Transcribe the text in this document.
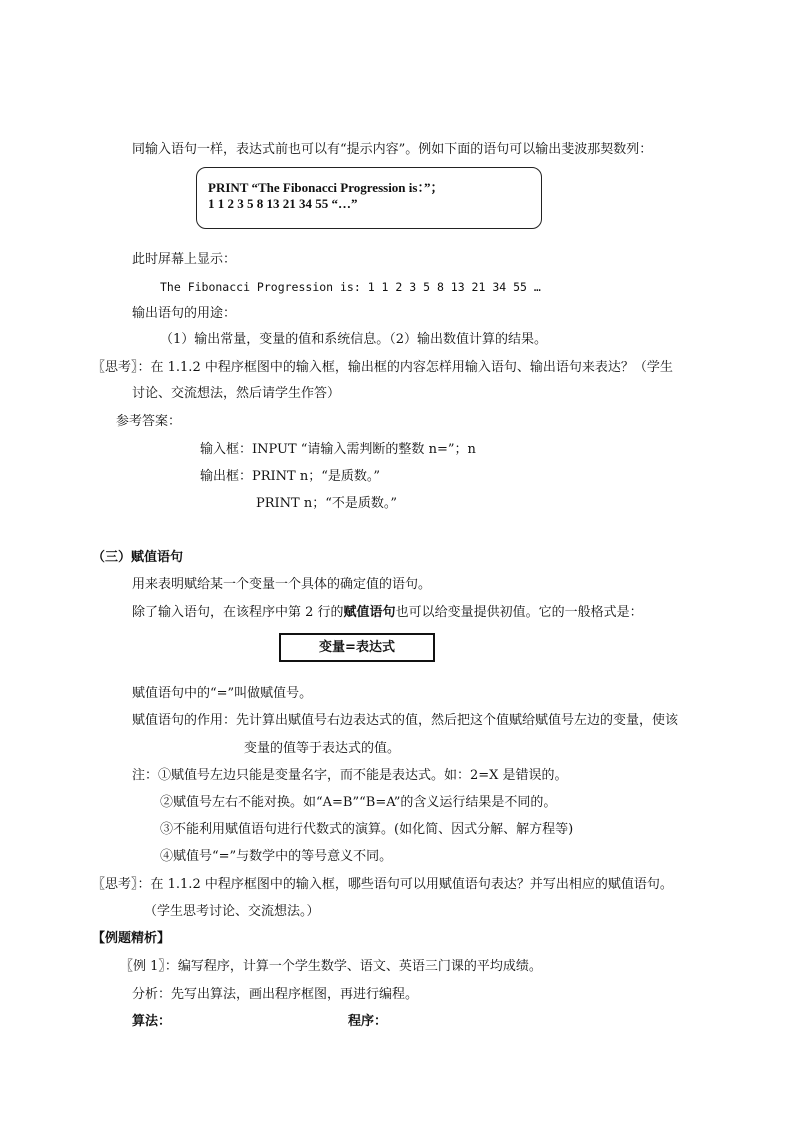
同输入语句一样，表达式前也可以有“提示内容”。例如下面的语句可以输出斐波那契数列：
PRINT “The Fibonacci Progression is：”；
1 1 2 3 5 8 13 21 34 55 “…”
此时屏幕上显示：
The Fibonacci Progression is: 1 1 2 3 5 8 13 21 34 55 …
输出语句的用途：
（1）输出常量，变量的值和系统信息。（2）输出数值计算的结果。
〖思考〗：在 1.1.2 中程序框图中的输入框，输出框的内容怎样用输入语句、输出语句来表达？（学生
讨论、交流想法，然后请学生作答）
参考答案：
输入框：INPUT “请输入需判断的整数 n=”；n
输出框：PRINT n；“是质数。”
PRINT n；“不是质数。”
（三）赋值语句
用来表明赋给某一个变量一个具体的确定值的语句。
除了输入语句，在该程序中第 2 行的赋值语句也可以给变量提供初值。它的一般格式是：
变量=表达式
赋值语句中的“=”叫做赋值号。
赋值语句的作用：先计算出赋值号右边表达式的值，然后把这个值赋给赋值号左边的变量，使该
变量的值等于表达式的值。
注：①赋值号左边只能是变量名字，而不能是表达式。如：2=X 是错误的。
②赋值号左右不能对换。如“A=B”“B=A”的含义运行结果是不同的。
③不能利用赋值语句进行代数式的演算。(如化简、因式分解、解方程等)
④赋值号“=”与数学中的等号意义不同。
〖思考〗：在 1.1.2 中程序框图中的输入框，哪些语句可以用赋值语句表达？并写出相应的赋值语句。
（学生思考讨论、交流想法。）
【例题精析】
〖例 1〗：编写程序，计算一个学生数学、语文、英语三门课的平均成绩。
分析：先写出算法，画出程序框图，再进行编程。
算法：	程序：
